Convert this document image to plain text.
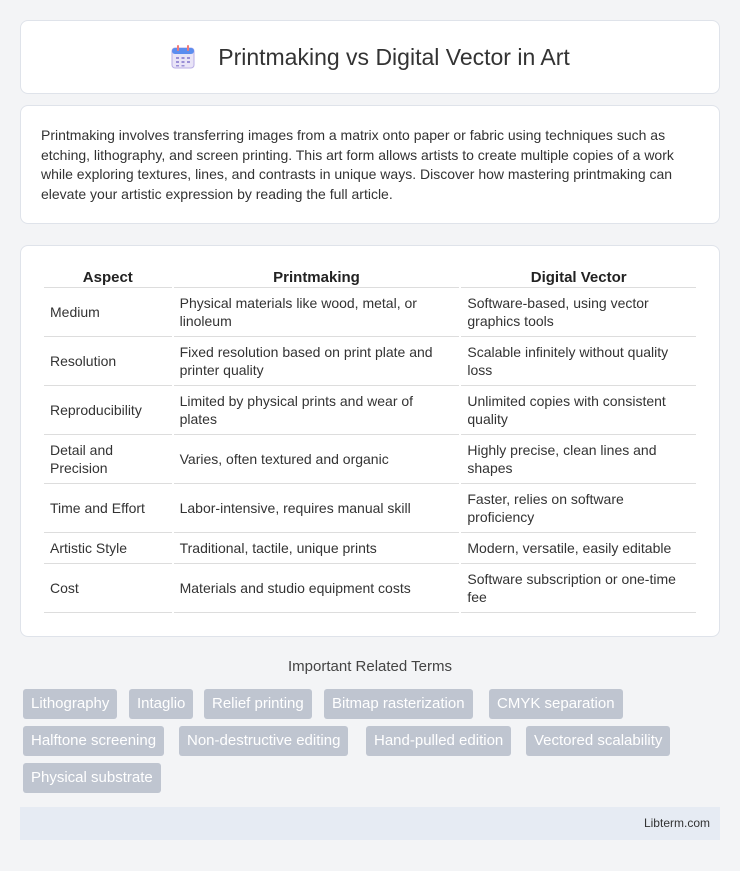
Printmaking vs Digital Vector in Art

Printmaking involves transferring images from a matrix onto paper or fabric using techniques such as etching, lithography, and screen printing. This art form allows artists to create multiple copies of a work while exploring textures, lines, and contrasts in unique ways. Discover how mastering printmaking can elevate your artistic expression by reading the full article.

Aspect	Printmaking	Digital Vector
Medium	Physical materials like wood, metal, or linoleum	Software-based, using vector graphics tools
Resolution	Fixed resolution based on print plate and printer quality	Scalable infinitely without quality loss
Reproducibility	Limited by physical prints and wear of plates	Unlimited copies with consistent quality
Detail and Precision	Varies, often textured and organic	Highly precise, clean lines and shapes
Time and Effort	Labor-intensive, requires manual skill	Faster, relies on software proficiency
Artistic Style	Traditional, tactile, unique prints	Modern, versatile, easily editable
Cost	Materials and studio equipment costs	Software subscription or one-time fee
Important Related Terms
Lithography	Intaglio	Relief printing	Bitmap rasterization	CMYK separation
Halftone screening	Non-destructive editing	Hand-pulled edition	Vectored scalability
Physical substrate
Libterm.com
